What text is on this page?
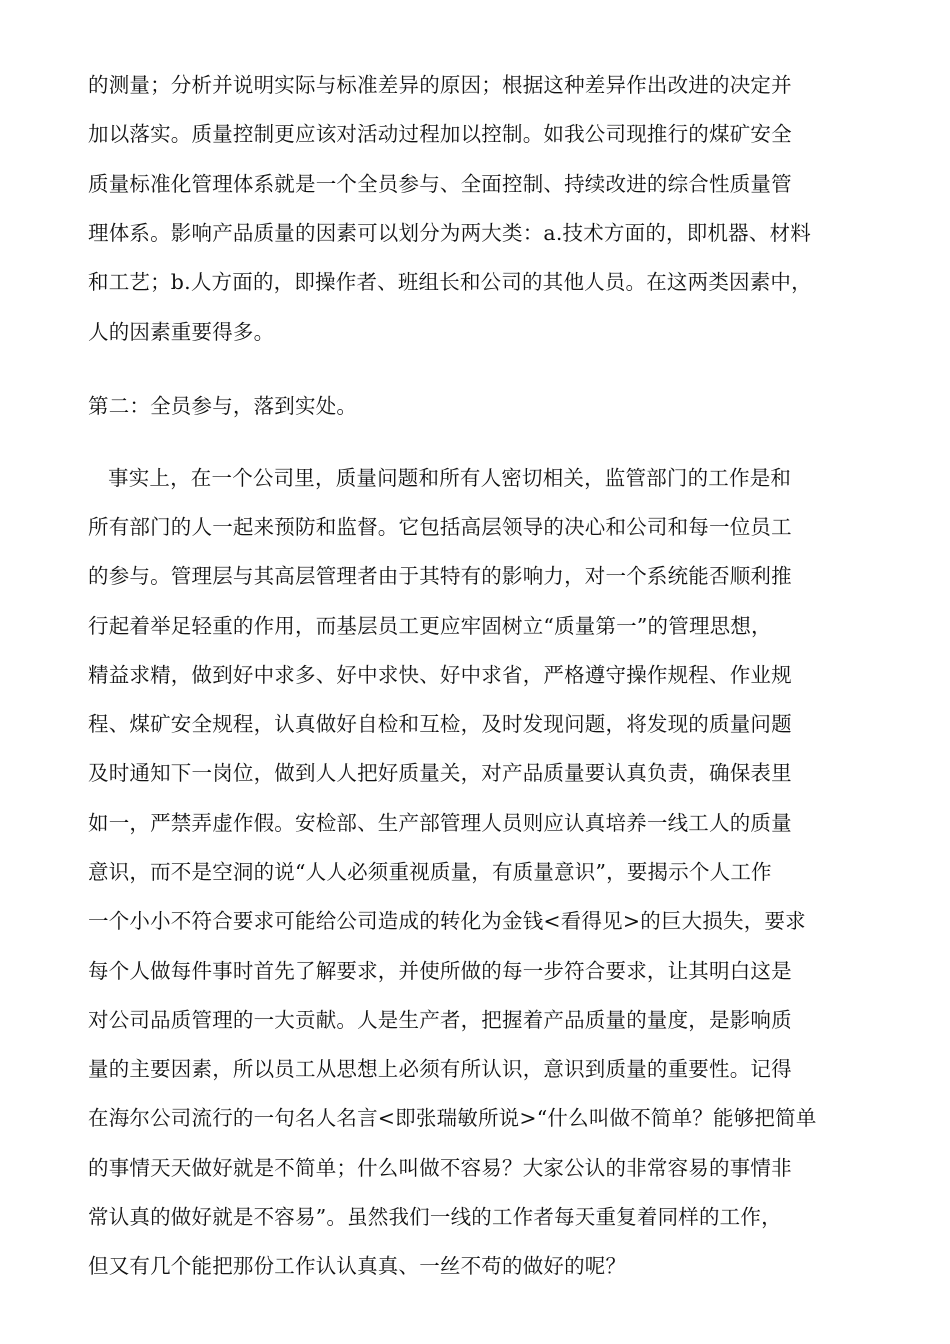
的测量；分析并说明实际与标准差异的原因；根据这种差异作出改进的决定并
加以落实。质量控制更应该对活动过程加以控制。如我公司现推行的煤矿安全
质量标准化管理体系就是一个全员参与、全面控制、持续改进的综合性质量管
理体系。影响产品质量的因素可以划分为两大类：a.技术方面的，即机器、材料
和工艺；b.人方面的，即操作者、班组长和公司的其他人员。在这两类因素中，
人的因素重要得多。
第二：全员参与，落到实处。
事实上，在一个公司里，质量问题和所有人密切相关，监管部门的工作是和
所有部门的人一起来预防和监督。它包括高层领导的决心和公司和每一位员工
的参与。管理层与其高层管理者由于其特有的影响力，对一个系统能否顺利推
行起着举足轻重的作用，而基层员工更应牢固树立“质量第一”的管理思想，
精益求精，做到好中求多、好中求快、好中求省，严格遵守操作规程、作业规
程、煤矿安全规程，认真做好自检和互检，及时发现问题，将发现的质量问题
及时通知下一岗位，做到人人把好质量关，对产品质量要认真负责，确保表里
如一，严禁弄虚作假。安检部、生产部管理人员则应认真培养一线工人的质量
意识，而不是空洞的说“人人必须重视质量，有质量意识”，要揭示个人工作
一个小小不符合要求可能给公司造成的转化为金钱<看得见>的巨大损失，要求
每个人做每件事时首先了解要求，并使所做的每一步符合要求，让其明白这是
对公司品质管理的一大贡献。人是生产者，把握着产品质量的量度，是影响质
量的主要因素，所以员工从思想上必须有所认识，意识到质量的重要性。记得
在海尔公司流行的一句名人名言<即张瑞敏所说>“什么叫做不简单？能够把简单
的事情天天做好就是不简单；什么叫做不容易？大家公认的非常容易的事情非
常认真的做好就是不容易”。虽然我们一线的工作者每天重复着同样的工作，
但又有几个能把那份工作认认真真、一丝不苟的做好的呢？
